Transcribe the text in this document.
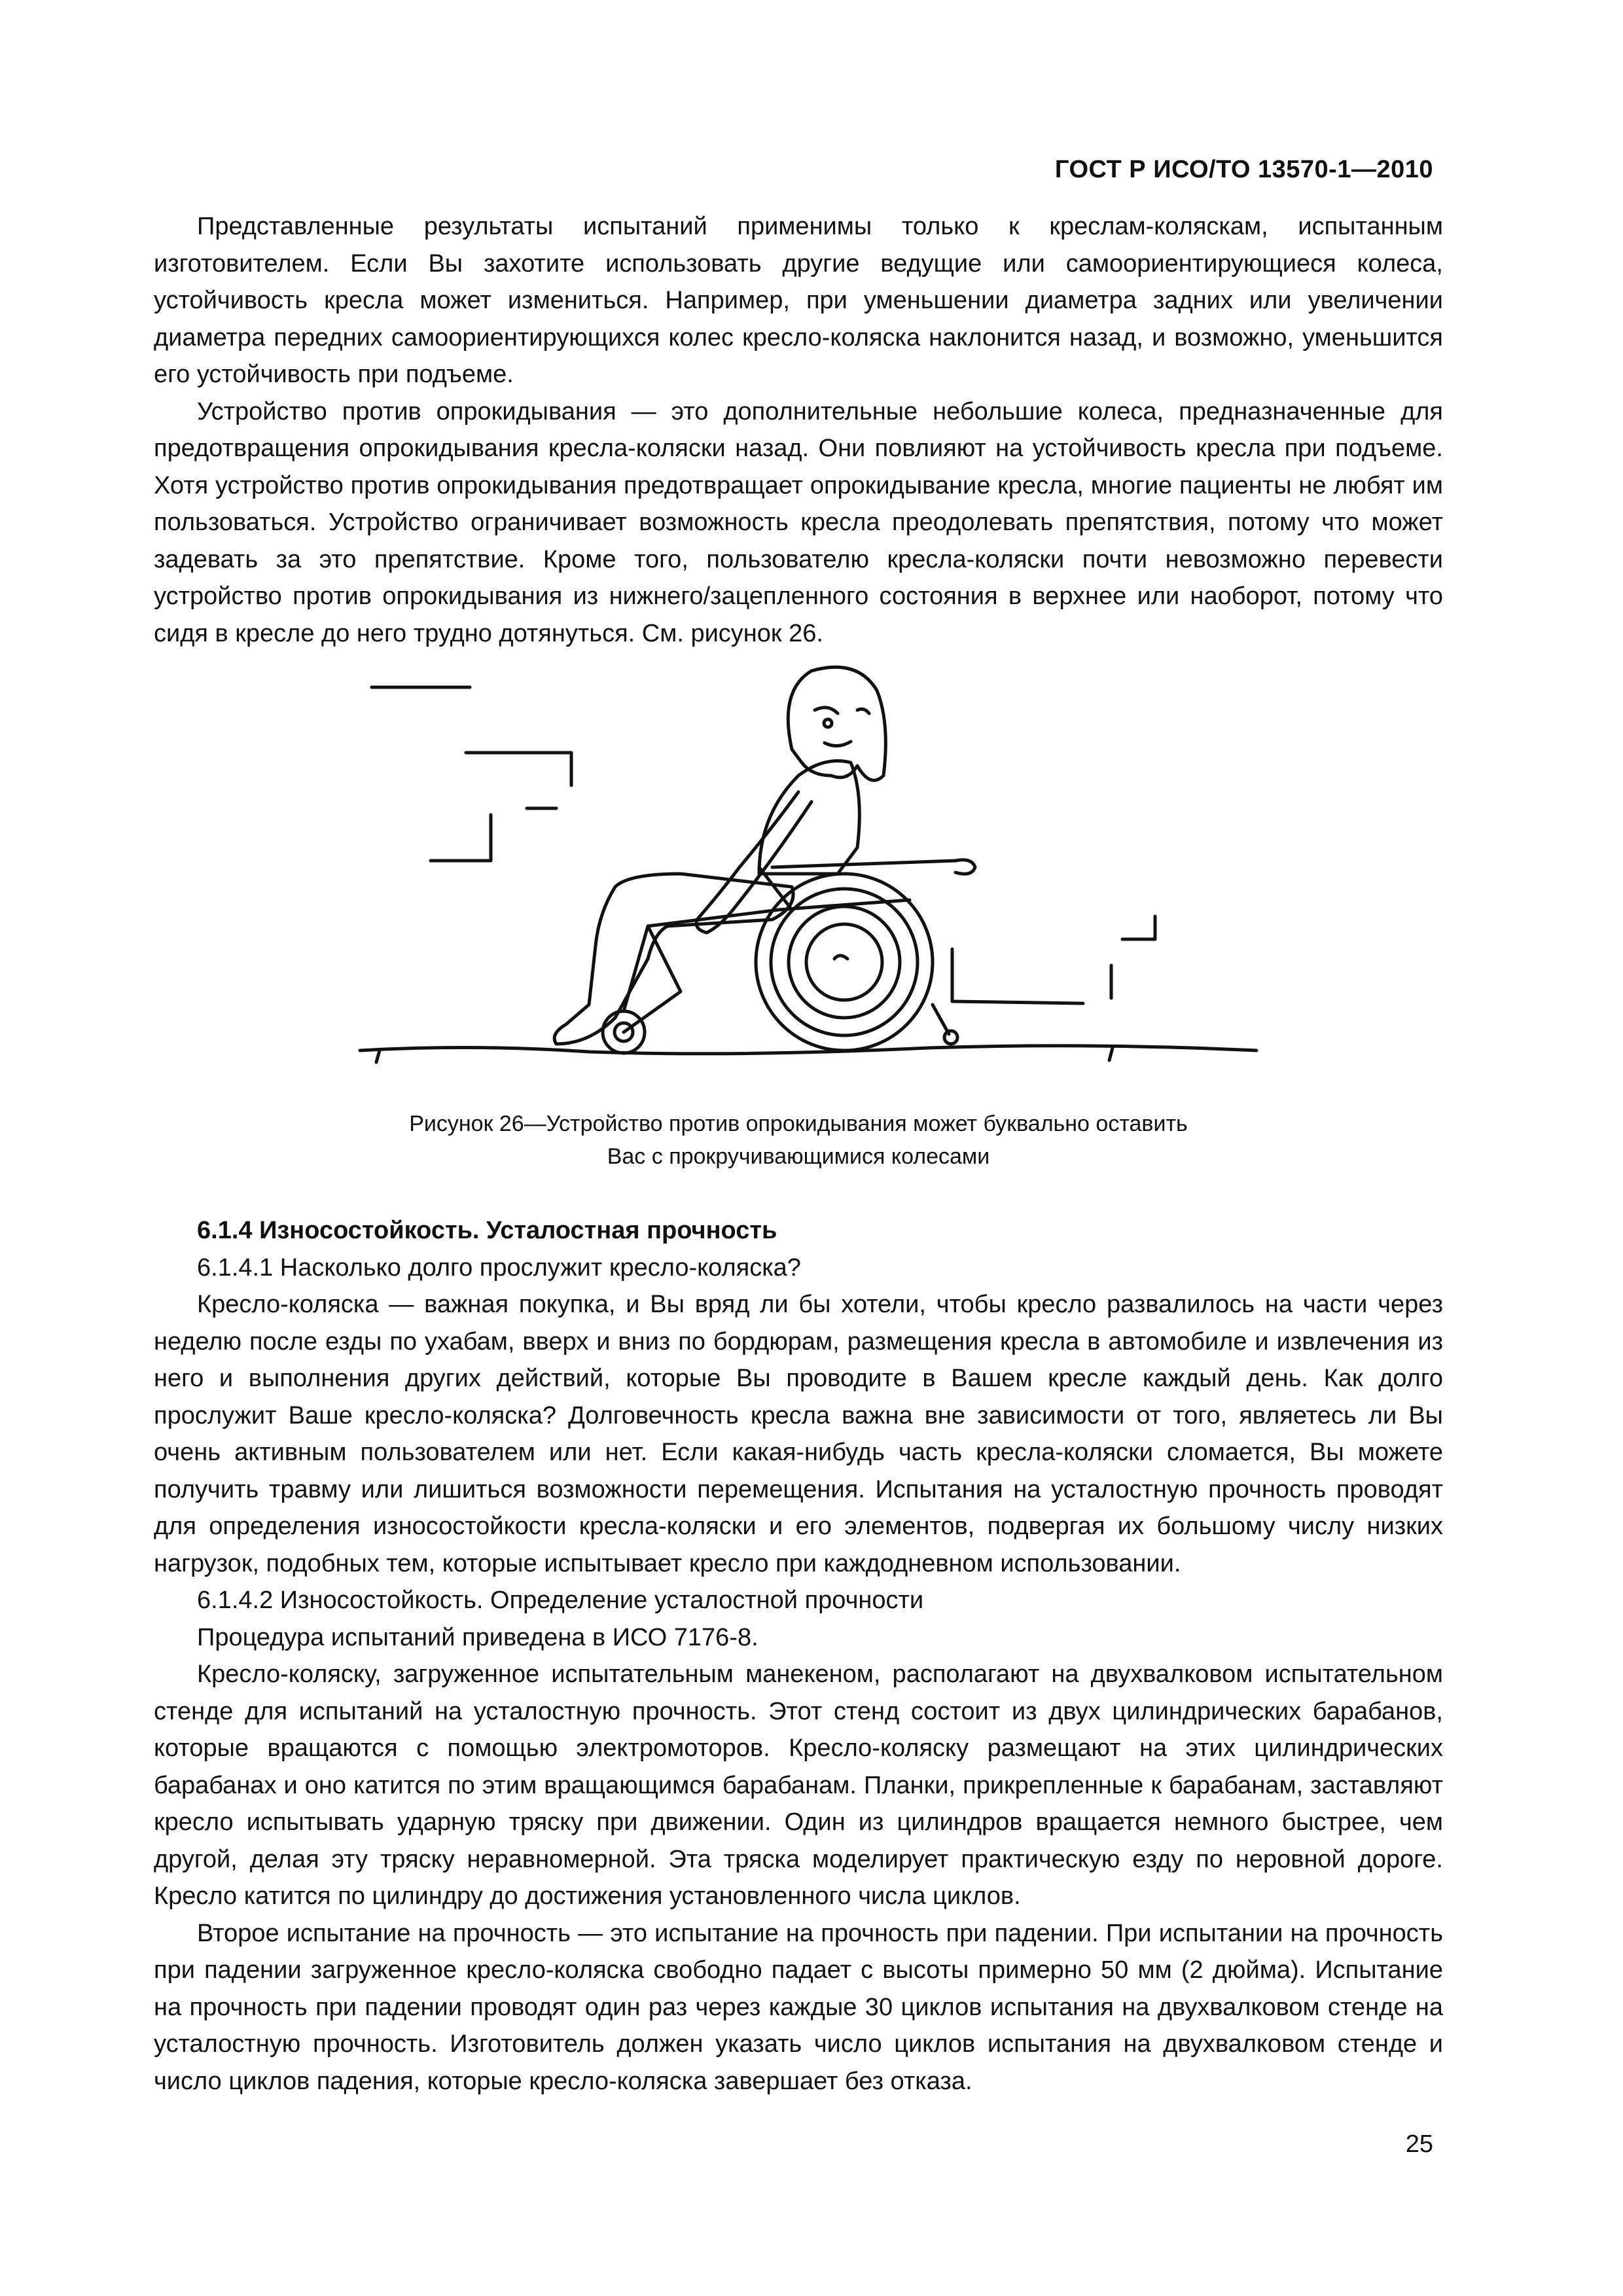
ГОСТ Р ИСО/ТО 13570-1—2010
Представленные результаты испытаний применимы только к креслам-коляскам, испытанным изготовителем. Если Вы захотите использовать другие ведущие или самоориентирующиеся колеса, устойчивость кресла может измениться. Например, при уменьшении диаметра задних или увеличении диаметра передних самоориентирующихся колес кресло-коляска наклонится назад, и возможно, уменьшится его устойчивость при подъеме.
Устройство против опрокидывания — это дополнительные небольшие колеса, предназначенные для предотвращения опрокидывания кресла-коляски назад. Они повлияют на устойчивость кресла при подъеме. Хотя устройство против опрокидывания предотвращает опрокидывание кресла, многие пациенты не любят им пользоваться. Устройство ограничивает возможность кресла преодолевать препятствия, потому что может задевать за это препятствие. Кроме того, пользователю кресла-коляски почти невозможно перевести устройство против опрокидывания из нижнего/зацепленного состояния в верхнее или наоборот, потому что сидя в кресле до него трудно дотянуться. См. рисунок 26.
Рисунок 26—Устройство против опрокидывания может буквально оставить
Вас с прокручивающимися колесами
6.1.4 Износостойкость. Усталостная прочность
6.1.4.1 Насколько долго прослужит кресло-коляска?
Кресло-коляска — важная покупка, и Вы вряд ли бы хотели, чтобы кресло развалилось на части через неделю после езды по ухабам, вверх и вниз по бордюрам, размещения кресла в автомобиле и извлечения из него и выполнения других действий, которые Вы проводите в Вашем кресле каждый день. Как долго прослужит Ваше кресло-коляска? Долговечность кресла важна вне зависимости от того, являетесь ли Вы очень активным пользователем или нет. Если какая-нибудь часть кресла-коляски сломается, Вы можете получить травму или лишиться возможности перемещения. Испытания на усталостную прочность проводят для определения износостойкости кресла-коляски и его элементов, подвергая их большому числу низких нагрузок, подобных тем, которые испытывает кресло при каждодневном использовании.
6.1.4.2 Износостойкость. Определение усталостной прочности
Процедура испытаний приведена в ИСО 7176-8.
Кресло-коляску, загруженное испытательным манекеном, располагают на двухвалковом испытательном стенде для испытаний на усталостную прочность. Этот стенд состоит из двух цилиндрических барабанов, которые вращаются с помощью электромоторов. Кресло-коляску размещают на этих цилиндрических барабанах и оно катится по этим вращающимся барабанам. Планки, прикрепленные к барабанам, заставляют кресло испытывать ударную тряску при движении. Один из цилиндров вращается немного быстрее, чем другой, делая эту тряску неравномерной. Эта тряска моделирует практическую езду по неровной дороге. Кресло катится по цилиндру до достижения установленного числа циклов.
Второе испытание на прочность — это испытание на прочность при падении. При испытании на прочность при падении загруженное кресло-коляска свободно падает с высоты примерно 50 мм (2 дюйма). Испытание на прочность при падении проводят один раз через каждые 30 циклов испытания на двухвалковом стенде на усталостную прочность. Изготовитель должен указать число циклов испытания на двухвалковом стенде и число циклов падения, которые кресло-коляска завершает без отказа.
25
